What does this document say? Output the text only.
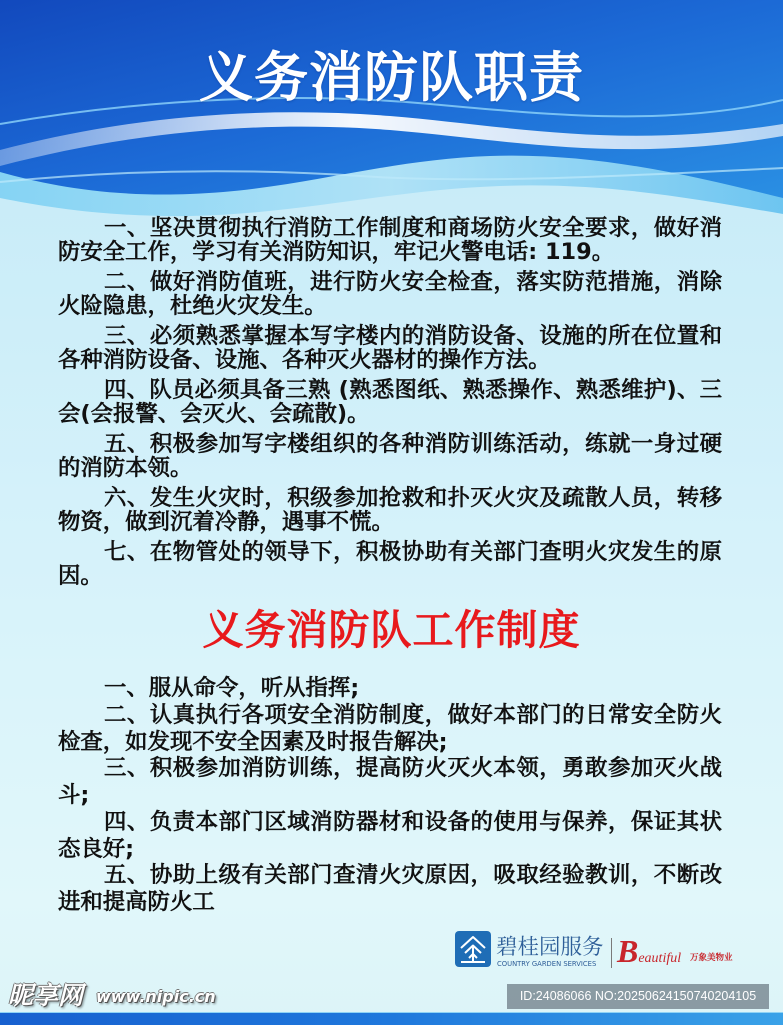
义务消防队职责
一、坚决贯彻执行消防工作制度和商场防火安全要求，做好消
防安全工作，学习有关消防知识，牢记火警电话: 119。
二、做好消防值班，进行防火安全检查，落实防范措施，消除
火险隐患，杜绝火灾发生。
三、必须熟悉掌握本写字楼内的消防设备、设施的所在位置和
各种消防设备、设施、各种灭火器材的操作方法。
四、队员必须具备三熟 (熟悉图纸、熟悉操作、熟悉维护)、三
会(会报警、会灭火、会疏散)。
五、积极参加写字楼组织的各种消防训练活动，练就一身过硬
的消防本领。
六、发生火灾时，积级参加抢救和扑灭火灾及疏散人员，转移
物资，做到沉着冷静，遇事不慌。
七、在物管处的领导下，积极协助有关部门查明火灾发生的原
因。
义务消防队工作制度
一、服从命令，听从指挥;
二、认真执行各项安全消防制度，做好本部门的日常安全防火
检查，如发现不安全因素及时报告解决;
三、积极参加消防训练，提高防火灭火本领，勇敢参加灭火战
斗;
四、负责本部门区域消防器材和设备的使用与保养，保证其状
态良好;
五、协助上级有关部门查清火灾原因，吸取经验教训，不断改
进和提高防火工
碧桂园服务
COUNTRY GARDEN SERVICES Beautiful 万象美物业
昵享网 www.nipic.cn	ID:24086066 NO:20250624150740204105
